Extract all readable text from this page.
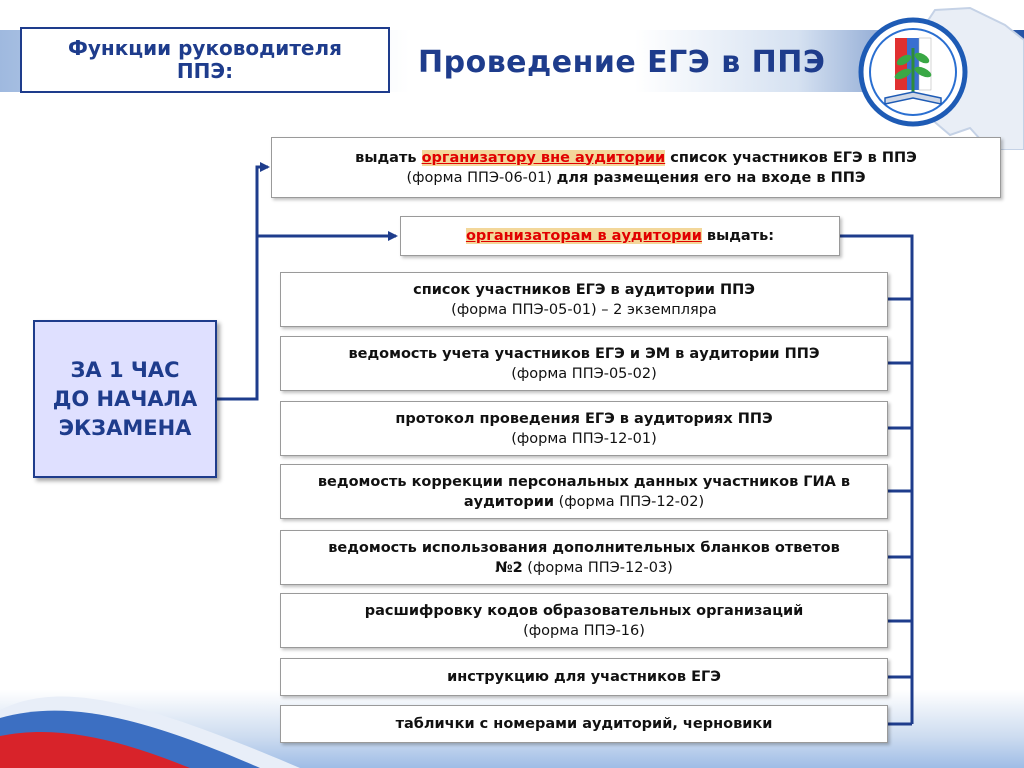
Функции руководителя
ППЭ:	Проведение ЕГЭ в ППЭ
ЗА 1 ЧАС
ДО НАЧАЛА
ЭКЗАМЕНА
выдать организатору вне аудитории список участников ЕГЭ в ППЭ
(форма ППЭ-06-01) для размещения его на входе в ППЭ
организаторам в аудитории выдать:
список участников ЕГЭ в аудитории ППЭ
(форма ППЭ-05-01) – 2 экземпляра
ведомость учета участников ЕГЭ и ЭМ в аудитории ППЭ
(форма ППЭ-05-02)
протокол проведения ЕГЭ в аудиториях ППЭ
(форма ППЭ-12-01)
ведомость коррекции персональных данных участников ГИА в аудитории (форма ППЭ-12-02)
ведомость использования дополнительных бланков ответов №2 (форма ППЭ-12-03)
расшифровку кодов образовательных организаций
(форма ППЭ-16)
инструкцию для участников ЕГЭ
таблички с номерами аудиторий, черновики
